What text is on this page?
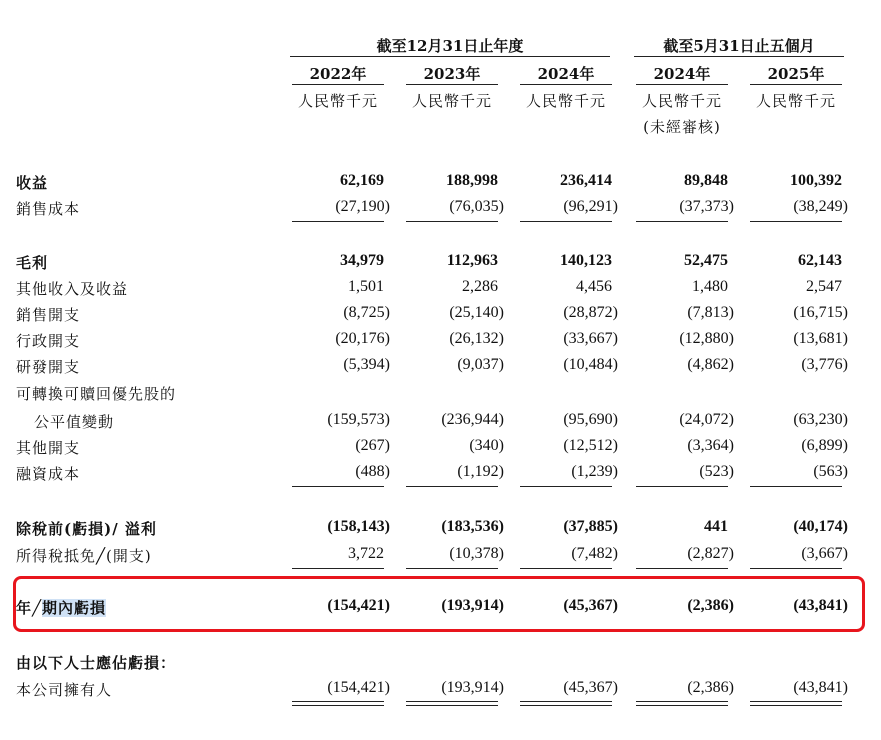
截至12月31日止年度	截至5月31日止五個月
2022年	2023年	2024年	2024年	2025年
人民幣千元	人民幣千元	人民幣千元	人民幣千元	人民幣千元
(未經審核)
收益	62,169	188,998	236,414	89,848	100,392
銷售成本	(27,190)	(76,035)	(96,291)	(37,373)	(38,249)
毛利	34,979	112,963	140,123	52,475	62,143
其他收入及收益	1,501	2,286	4,456	1,480	2,547
銷售開支	(8,725)	(25,140)	(28,872)	(7,813)	(16,715)
行政開支	(20,176)	(26,132)	(33,667)	(12,880)	(13,681)
研發開支	(5,394)	(9,037)	(10,484)	(4,862)	(3,776)
可轉換可贖回優先股的
公平值變動	(159,573)	(236,944)	(95,690)	(24,072)	(63,230)
其他開支	(267)	(340)	(12,512)	(3,364)	(6,899)
融資成本	(488)	(1,192)	(1,239)	(523)	(563)
除稅前(虧損)/ 溢利	(158,143)	(183,536)	(37,885)	441	(40,174)
所得稅抵免╱(開支)	3,722	(10,378)	(7,482)	(2,827)	(3,667)
年╱期內虧損	(154,421)	(193,914)	(45,367)	(2,386)	(43,841)
由以下人士應佔虧損：
本公司擁有人	(154,421)	(193,914)	(45,367)	(2,386)	(43,841)
